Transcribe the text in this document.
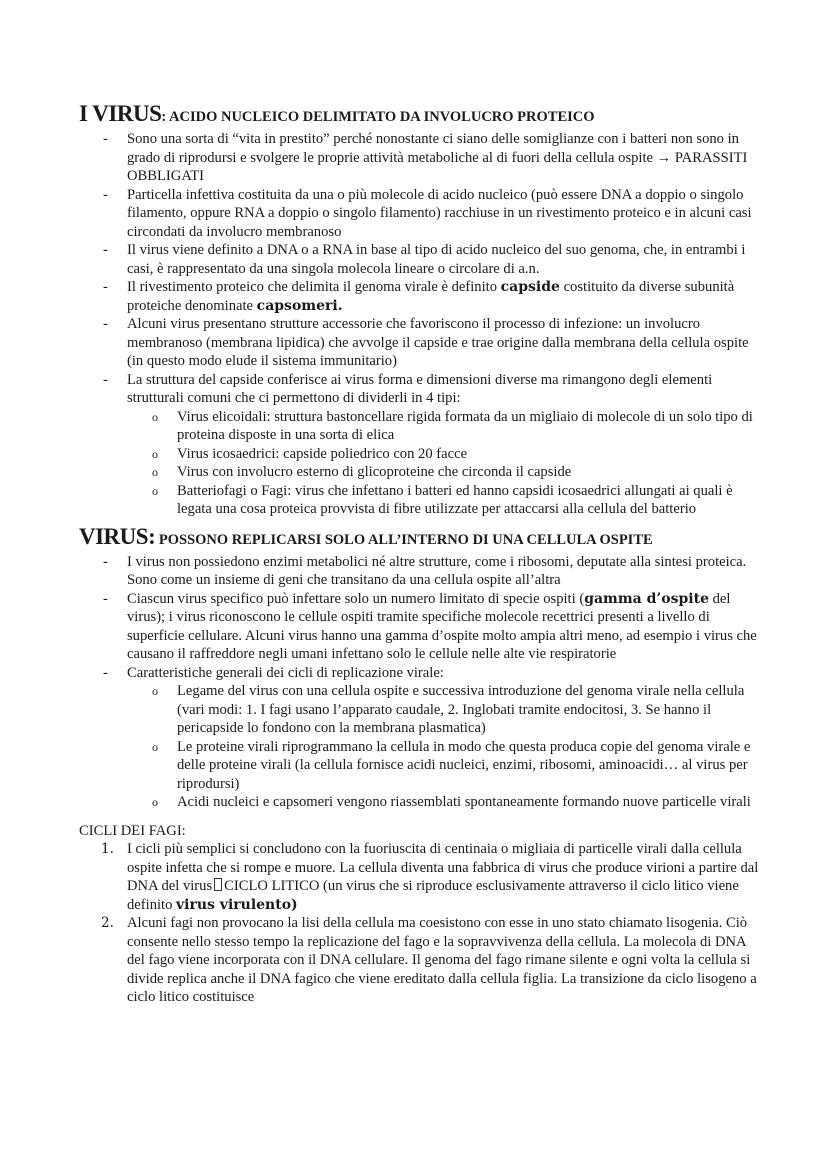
I VIRUS: ACIDO NUCLEICO DELIMITATO DA INVOLUCRO PROTEICO
-	Sono una sorta di “vita in prestito” perché nonostante ci siano delle somiglianze con i batteri non sono in grado di riprodursi e svolgere le proprie attività metaboliche al di fuori della cellula ospite → PARASSITI OBBLIGATI
-	Particella infettiva costituita da una o più molecole di acido nucleico (può essere DNA a doppio o singolo filamento, oppure RNA a doppio o singolo filamento) racchiuse in un rivestimento proteico e in alcuni casi circondati da involucro membranoso
-	Il virus viene definito a DNA o a RNA in base al tipo di acido nucleico del suo genoma, che, in entrambi i casi, è rappresentato da una singola molecola lineare o circolare di a.n.
-	Il rivestimento proteico che delimita il genoma virale è definito capside costituito da diverse subunità proteiche denominate capsomeri.
-	Alcuni virus presentano strutture accessorie che favoriscono il processo di infezione: un involucro membranoso (membrana lipidica) che avvolge il capside e trae origine dalla membrana della cellula ospite (in questo modo elude il sistema immunitario)
-	La struttura del capside conferisce ai virus forma e dimensioni diverse ma rimangono degli elementi strutturali comuni che ci permettono di dividerli in 4 tipi:
o	Virus elicoidali: struttura bastoncellare rigida formata da un migliaio di molecole di un solo tipo di proteina disposte in una sorta di elica
o	Virus icosaedrici: capside poliedrico con 20 facce
o	Virus con involucro esterno di glicoproteine che circonda il capside
o	Batteriofagi o Fagi: virus che infettano i batteri ed hanno capsidi icosaedrici allungati ai quali è legata una cosa proteica provvista di fibre utilizzate per attaccarsi alla cellula del batterio
VIRUS: POSSONO REPLICARSI SOLO ALL’INTERNO DI UNA CELLULA OSPITE
-	I virus non possiedono enzimi metabolici né altre strutture, come i ribosomi, deputate alla sintesi proteica. Sono come un insieme di geni che transitano da una cellula ospite all’altra
-	Ciascun virus specifico può infettare solo un numero limitato di specie ospiti (gamma d’ospite del virus); i virus riconoscono le cellule ospiti tramite specifiche molecole recettrici presenti a livello di superficie cellulare. Alcuni virus hanno una gamma d’ospite molto ampia altri meno, ad esempio i virus che causano il raffreddore negli umani infettano solo le cellule nelle alte vie respiratorie
-	Caratteristiche generali dei cicli di replicazione virale:
o	Legame del virus con una cellula ospite e successiva introduzione del genoma virale nella cellula (vari modi: 1. I fagi usano l’apparato caudale, 2. Inglobati tramite endocitosi, 3. Se hanno il pericapside lo fondono con la membrana plasmatica)
o	Le proteine virali riprogrammano la cellula in modo che questa produca copie del genoma virale e delle proteine virali (la cellula fornisce acidi nucleici, enzimi, ribosomi, aminoacidi… al virus per riprodursi)
o	Acidi nucleici e capsomeri vengono riassemblati spontaneamente formando nuove particelle virali
CICLI DEI FAGI:
1. I cicli più semplici si concludono con la fuoriuscita di centinaia o migliaia di particelle virali dalla cellula ospite infetta che si rompe e muore. La cellula diventa una fabbrica di virus che produce virioni a partire dal DNA del virus CICLO LITICO (un virus che si riproduce esclusivamente attraverso il ciclo litico viene definito virus virulento)
2. Alcuni fagi non provocano la lisi della cellula ma coesistono con esse in uno stato chiamato lisogenia. Ciò consente nello stesso tempo la replicazione del fago e la sopravvivenza della cellula. La molecola di DNA del fago viene incorporata con il DNA cellulare. Il genoma del fago rimane silente e ogni volta la cellula si divide replica anche il DNA fagico che viene ereditato dalla cellula figlia. La transizione da ciclo lisogeno a ciclo litico costituisce
